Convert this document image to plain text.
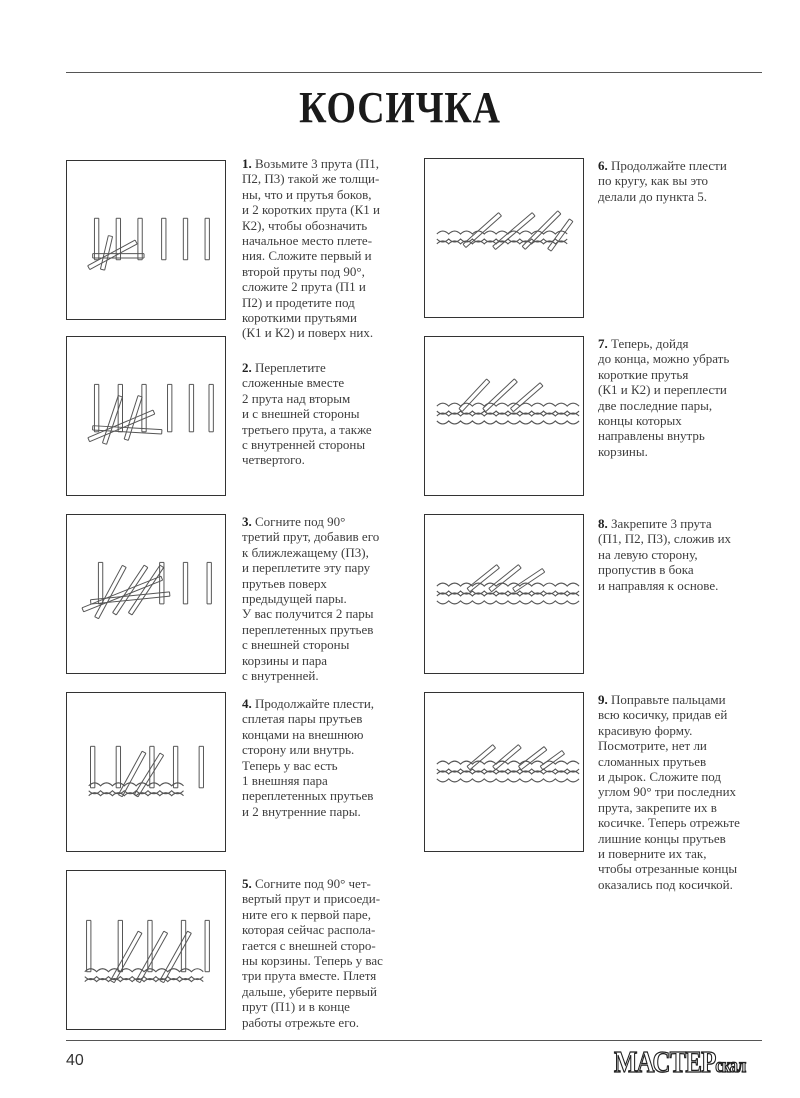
КОСИЧКА
1. Возьмите 3 прута (П1,
П2, П3) такой же толщи-
ны, что и прутья боков,
и 2 коротких прута (К1 и
К2), чтобы обозначить
начальное место плете-
ния. Сложите первый и
второй пруты под 90°,
сложите 2 прута (П1 и
П2) и продетите под
короткими прутьями
(К1 и К2) и поверх них.
2. Переплетите
сложенные вместе
2 прута над вторым
и с внешней стороны
третьего прута, а также
с внутренней стороны
четвертого.
3. Согните под 90°
третий прут, добавив его
к ближлежащему (П3),
и переплетите эту пару
прутьев поверх
предыдущей пары.
У вас получится 2 пары
переплетенных прутьев
с внешней стороны
корзины и пара
с внутренней.
4. Продолжайте плести,
сплетая пары прутьев
концами на внешнюю
сторону или внутрь.
Теперь у вас есть
1 внешняя пара
переплетенных прутьев
и 2 внутренние пары.
5. Согните под 90° чет-
вертый прут и присоеди-
ните его к первой паре,
которая сейчас распола-
гается с внешней сторо-
ны корзины. Теперь у вас
три прута вместе. Плетя
дальше, уберите первый
прут (П1) и в конце
работы отрежьте его.
6. Продолжайте плести
по кругу, как вы это
делали до пункта 5.
7. Теперь, дойдя
до конца, можно убрать
короткие прутья
(К1 и К2) и переплести
две последние пары,
концы которых
направлены внутрь
корзины.
8. Закрепите 3 прута
(П1, П2, П3), сложив их
на левую сторону,
пропустив в бока
и направляя к основе.
9. Поправьте пальцами
всю косичку, придав ей
красивую форму.
Посмотрите, нет ли
сломанных прутьев
и дырок. Сложите под
углом 90° три последних
прута, закрепите их в
косичке. Теперь отрежьте
лишние концы прутьев
и поверните их так,
чтобы отрезанные концы
оказались под косичкой.
40	МАСТЕРскал
